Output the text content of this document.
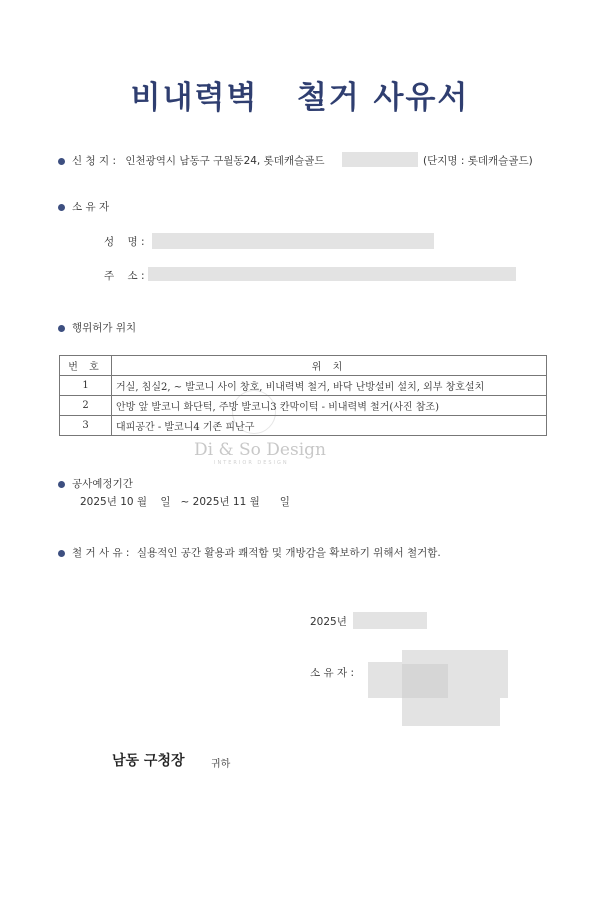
비내력벽   철거 사유서
신 청 지 : 인천광역시 남동구 구월동24, 롯데캐슬골드	(단지명 : 롯데캐슬골드)
소 유 자
성    명 :
주    소 :
행위허가 위치
번 호	위 치
1	거실, 침실2, ~ 발코니 사이 창호, 비내력벽 철거, 바닥 난방설비 설치, 외부 창호설치
2	안방 앞 발코니 화단턱, 주방 발코니3 칸막이턱 - 비내력벽 철거(사진 참조)
3	대피공간 - 발코니4 기존 피난구
Di & So Design
INTERIOR DESIGN
공사예정기간
2025년 10 월    일   ~ 2025년 11 월      일
철 거 사 유 : 실용적인 공간 활용과 쾌적함 및 개방감을 확보하기 위해서 철거함.
2025년
소 유 자 :
남동 구청장	귀하
